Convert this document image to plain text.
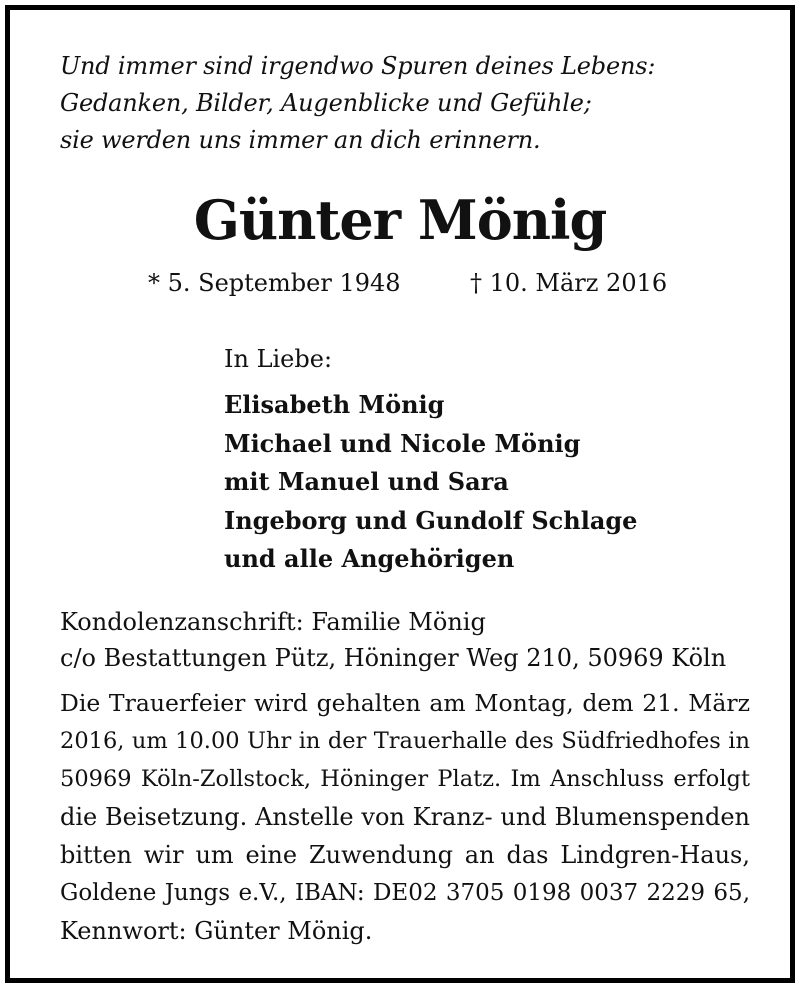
Und immer sind irgendwo Spuren deines Lebens:
Gedanken, Bilder, Augenblicke und Gefühle;
sie werden uns immer an dich erinnern.
Günter Mönig
* 5. September 1948	† 10. März 2016
In Liebe:
Elisabeth Mönig
Michael und Nicole Mönig
mit Manuel und Sara
Ingeborg und Gundolf Schlage
und alle Angehörigen
Kondolenzanschrift: Familie Mönig
c/o Bestattungen Pütz, Höninger Weg 210, 50969 Köln
Die Trauerfeier wird gehalten am Montag, dem 21. März
2016, um 10.00 Uhr in der Trauerhalle des Südfriedhofes in
50969 Köln-Zollstock, Höninger Platz. Im Anschluss erfolgt
die Beisetzung. Anstelle von Kranz- und Blumenspenden
bitten wir um eine Zuwendung an das Lindgren-Haus,
Goldene Jungs e.V., IBAN: DE02 3705 0198 0037 2229 65,
Kennwort: Günter Mönig.
